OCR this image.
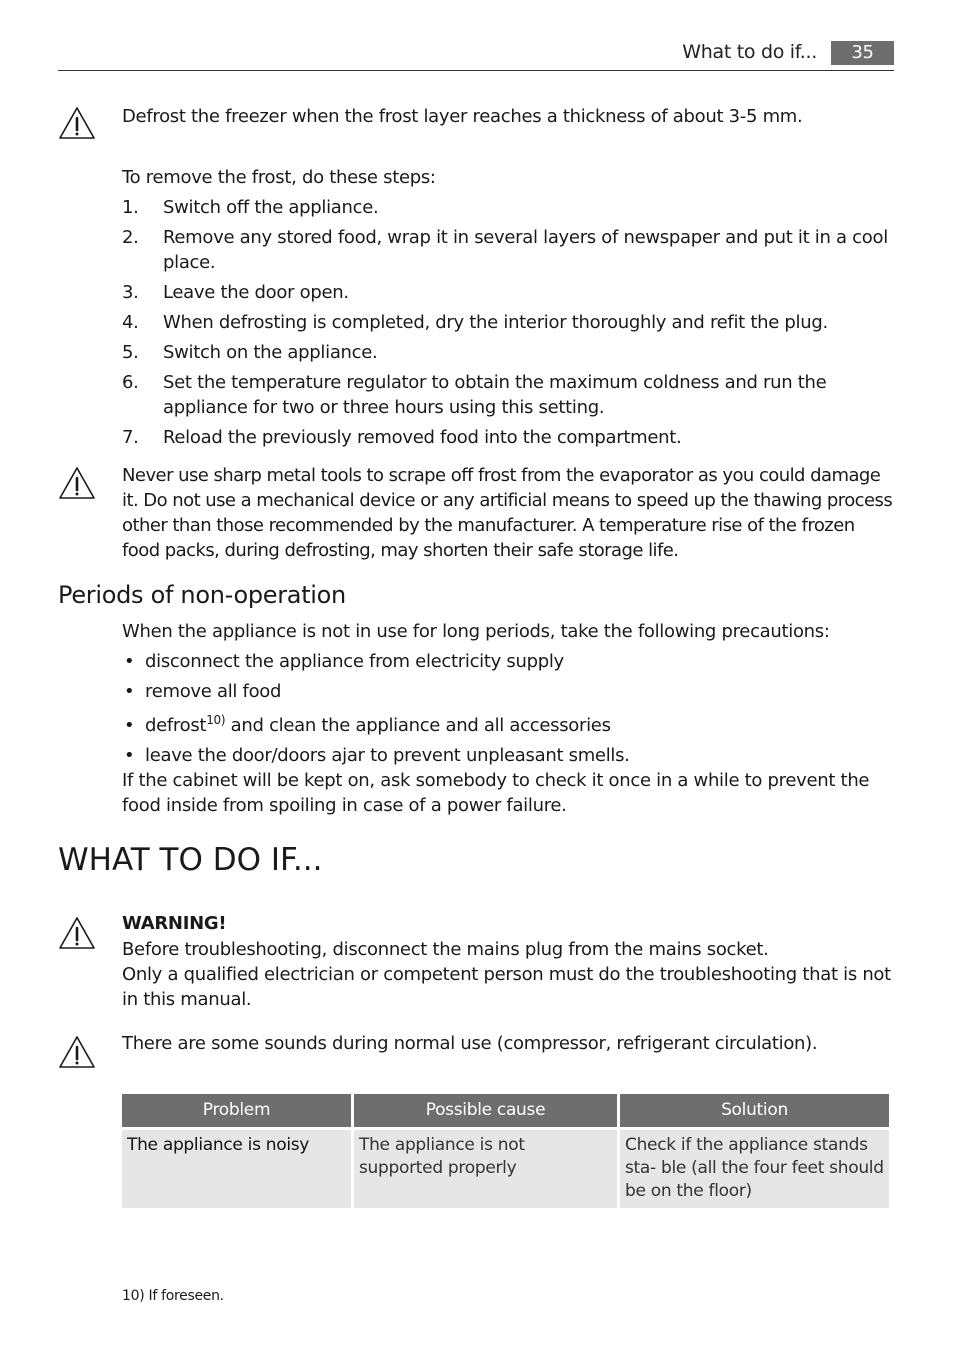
What to do if...	35
Defrost the freezer when the frost layer reaches a thickness of about 3-5 mm.
To remove the frost, do these steps:
1. Switch off the appliance.
2. Remove any stored food, wrap it in several layers of newspaper and put it in a cool place.
3. Leave the door open.
4. When defrosting is completed, dry the interior thoroughly and refit the plug.
5. Switch on the appliance.
6. Set the temperature regulator to obtain the maximum coldness and run the appliance for two or three hours using this setting.
7. Reload the previously removed food into the compartment.
Never use sharp metal tools to scrape off frost from the evaporator as you could damage it. Do not use a mechanical device or any artificial means to speed up the thawing process other than those recommended by the manufacturer. A temperature rise of the frozen food packs, during defrosting, may shorten their safe storage life.
Periods of non-operation
When the appliance is not in use for long periods, take the following precautions:
• disconnect the appliance from electricity supply
• remove all food
• defrost$^{10)}$ and clean the appliance and all accessories
• leave the door/doors ajar to prevent unpleasant smells.
If the cabinet will be kept on, ask somebody to check it once in a while to prevent the food inside from spoiling in case of a power failure.
WHAT TO DO IF...
WARNING!
Before troubleshooting, disconnect the mains plug from the mains socket.
Only a qualified electrician or competent person must do the troubleshooting that is not in this manual.
There are some sounds during normal use (compressor, refrigerant circulation).
Problem	Possible cause	Solution
The appliance is noisy	The appliance is not supported properly	Check if the appliance stands sta- ble (all the four feet should be on the floor)
10) If foreseen.
